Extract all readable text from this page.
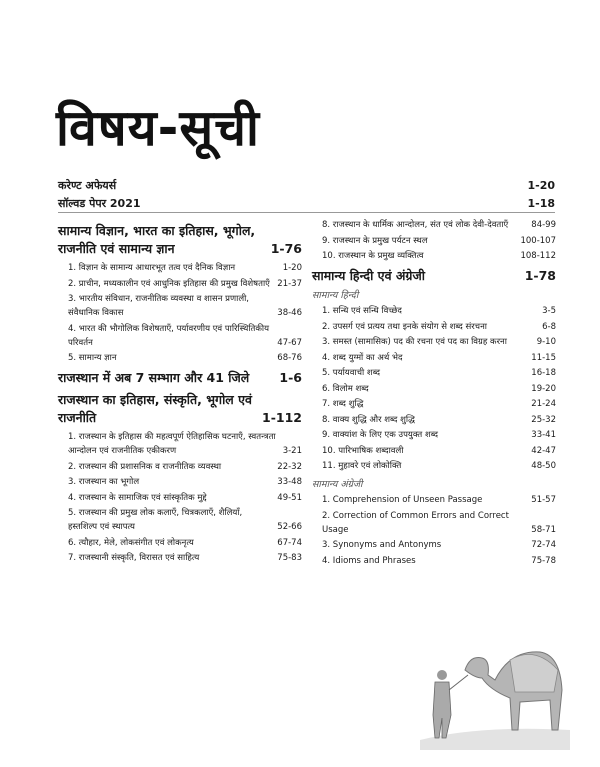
विषय-सूची
करेण्ट अफेयर्स	1-20
सॉल्वड पेपर 2021	1-18
सामान्य विज्ञान, भारत का इतिहास, भूगोल, राजनीति एवं सामान्य ज्ञान	1-76
1. विज्ञान के सामान्य आधारभूत तत्व एवं दैनिक विज्ञान	1-20
2. प्राचीन, मध्यकालीन एवं आधुनिक इतिहास की प्रमुख विशेषताएँ 21-37
3. भारतीय संविधान, राजनीतिक व्यवस्था व शासन प्रणाली, संवैधानिक विकास	38-46
4. भारत की भौगोलिक विशेषताएँ, पर्यावरणीय एवं पारिस्थितिकीय परिवर्तन	47-67
5. सामान्य ज्ञान	68-76
राजस्थान में अब 7 सम्भाग और 41 जिले	1-6
राजस्थान का इतिहास, संस्कृति, भूगोल एवं राजनीति	1-112
1. राजस्थान के इतिहास की महत्वपूर्ण ऐतिहासिक घटनाएँ, स्वतन्त्रता आन्दोलन एवं राजनीतिक एकीकरण	3-21
2. राजस्थान की प्रशासनिक व राजनीतिक व्यवस्था	22-32
3. राजस्थान का भूगोल	33-48
4. राजस्थान के सामाजिक एवं सांस्कृतिक मुद्दे	49-51
5. राजस्थान की प्रमुख लोक कलाएँ, चित्रकलाएँ, शैलियाँ, हस्तशिल्प एवं स्थापत्य	52-66
6. त्यौहार, मेले, लोकसंगीत एवं लोकनृत्य	67-74
7. राजस्थानी संस्कृति, विरासत एवं साहित्य	75-83
8. राजस्थान के धार्मिक आन्दोलन, संत एवं लोक देवी-देवताएँ	84-99
9. राजस्थान के प्रमुख पर्यटन स्थल	100-107
10. राजस्थान के प्रमुख व्यक्तित्व	108-112
सामान्य हिन्दी एवं अंग्रेजी	1-78
सामान्य हिन्दी
1. सन्धि एवं सन्धि विच्छेद	3-5
2. उपसर्ग एवं प्रत्यय तथा इनके संयोग से शब्द संरचना	6-8
3. समस्त (सामासिक) पद की रचना एवं पद का विग्रह करना	9-10
4. शब्द युग्मों का अर्थ भेद	11-15
5. पर्यायवाची शब्द	16-18
6. विलोम शब्द	19-20
7. शब्द शुद्धि	21-24
8. वाक्य शुद्धि और शब्द शुद्धि	25-32
9. वाक्यांश के लिए एक उपयुक्त शब्द	33-41
10. पारिभाषिक शब्दावली	42-47
11. मुहावरे एवं लोकोक्ति	48-50
सामान्य अंग्रेजी
1. Comprehension of Unseen Passage	51-57
2. Correction of Common Errors and Correct Usage	58-71
3. Synonyms and Antonyms	72-74
4. Idioms and Phrases	75-78
